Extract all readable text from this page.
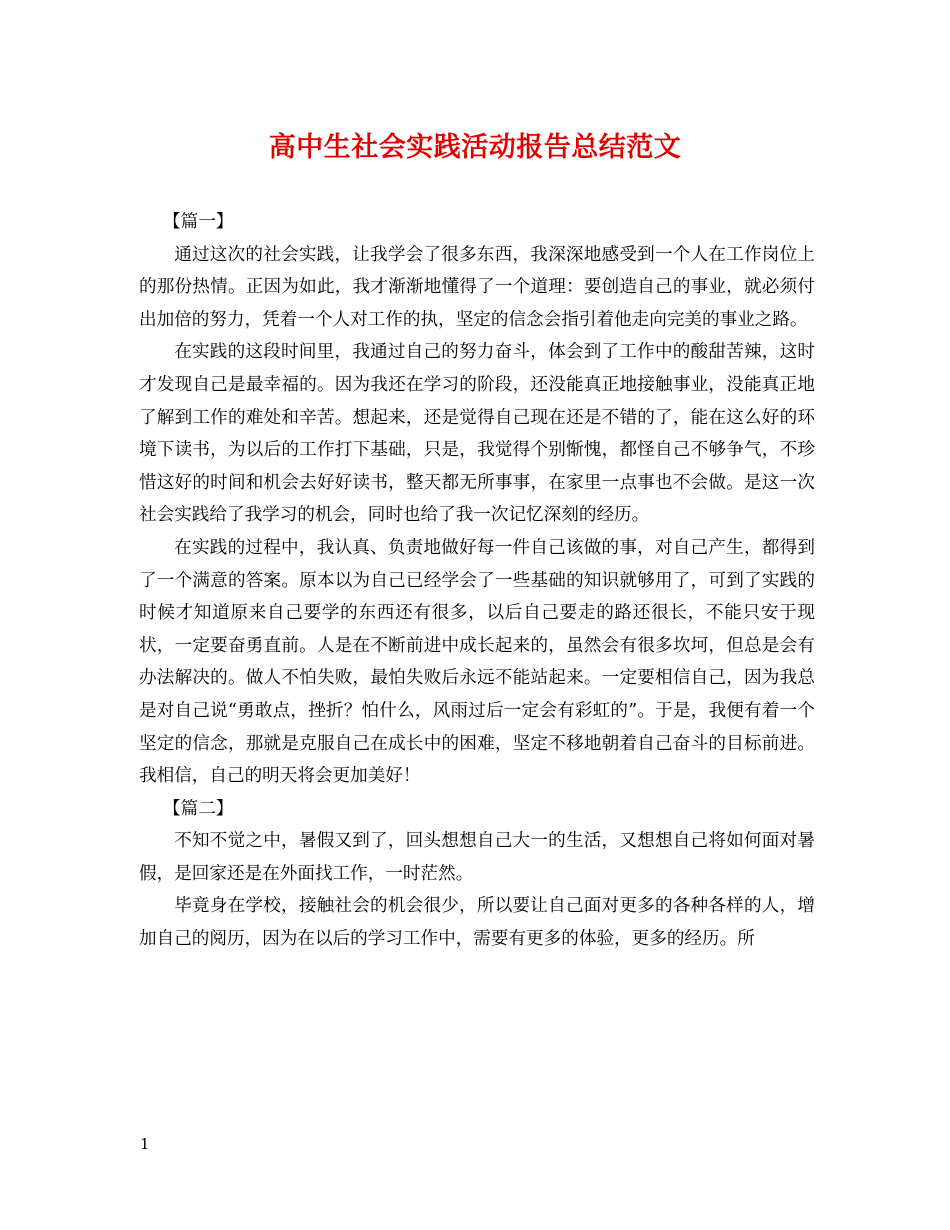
高中生社会实践活动报告总结范文

【篇一】

通过这次的社会实践，让我学会了很多东西，我深深地感受到一个人在工作岗位上的那份热情。正因为如此，我才渐渐地懂得了一个道理：要创造自己的事业，就必须付出加倍的努力，凭着一个人对工作的执，坚定的信念会指引着他走向完美的事业之路。

在实践的这段时间里，我通过自己的努力奋斗，体会到了工作中的酸甜苦辣，这时才发现自己是最幸福的。因为我还在学习的阶段，还没能真正地接触事业，没能真正地了解到工作的难处和辛苦。想起来，还是觉得自己现在还是不错的了，能在这么好的环境下读书，为以后的工作打下基础，只是，我觉得个别惭愧，都怪自己不够争气，不珍惜这好的时间和机会去好好读书，整天都无所事事，在家里一点事也不会做。是这一次社会实践给了我学习的机会，同时也给了我一次记忆深刻的经历。

在实践的过程中，我认真、负责地做好每一件自己该做的事，对自己产生，都得到了一个满意的答案。原本以为自己已经学会了一些基础的知识就够用了，可到了实践的时候才知道原来自己要学的东西还有很多，以后自己要走的路还很长，不能只安于现状，一定要奋勇直前。人是在不断前进中成长起来的，虽然会有很多坎坷，但总是会有办法解决的。做人不怕失败，最怕失败后永远不能站起来。一定要相信自己，因为我总是对自己说“勇敢点，挫折？怕什么，风雨过后一定会有彩虹的”。于是，我便有着一个坚定的信念，那就是克服自己在成长中的困难，坚定不移地朝着自己奋斗的目标前进。我相信，自己的明天将会更加美好！

【篇二】

不知不觉之中，暑假又到了，回头想想自己大一的生活，又想想自己将如何面对暑假，是回家还是在外面找工作，一时茫然。

毕竟身在学校，接触社会的机会很少，所以要让自己面对更多的各种各样的人，增加自己的阅历，因为在以后的学习工作中，需要有更多的体验，更多的经历。所

1
